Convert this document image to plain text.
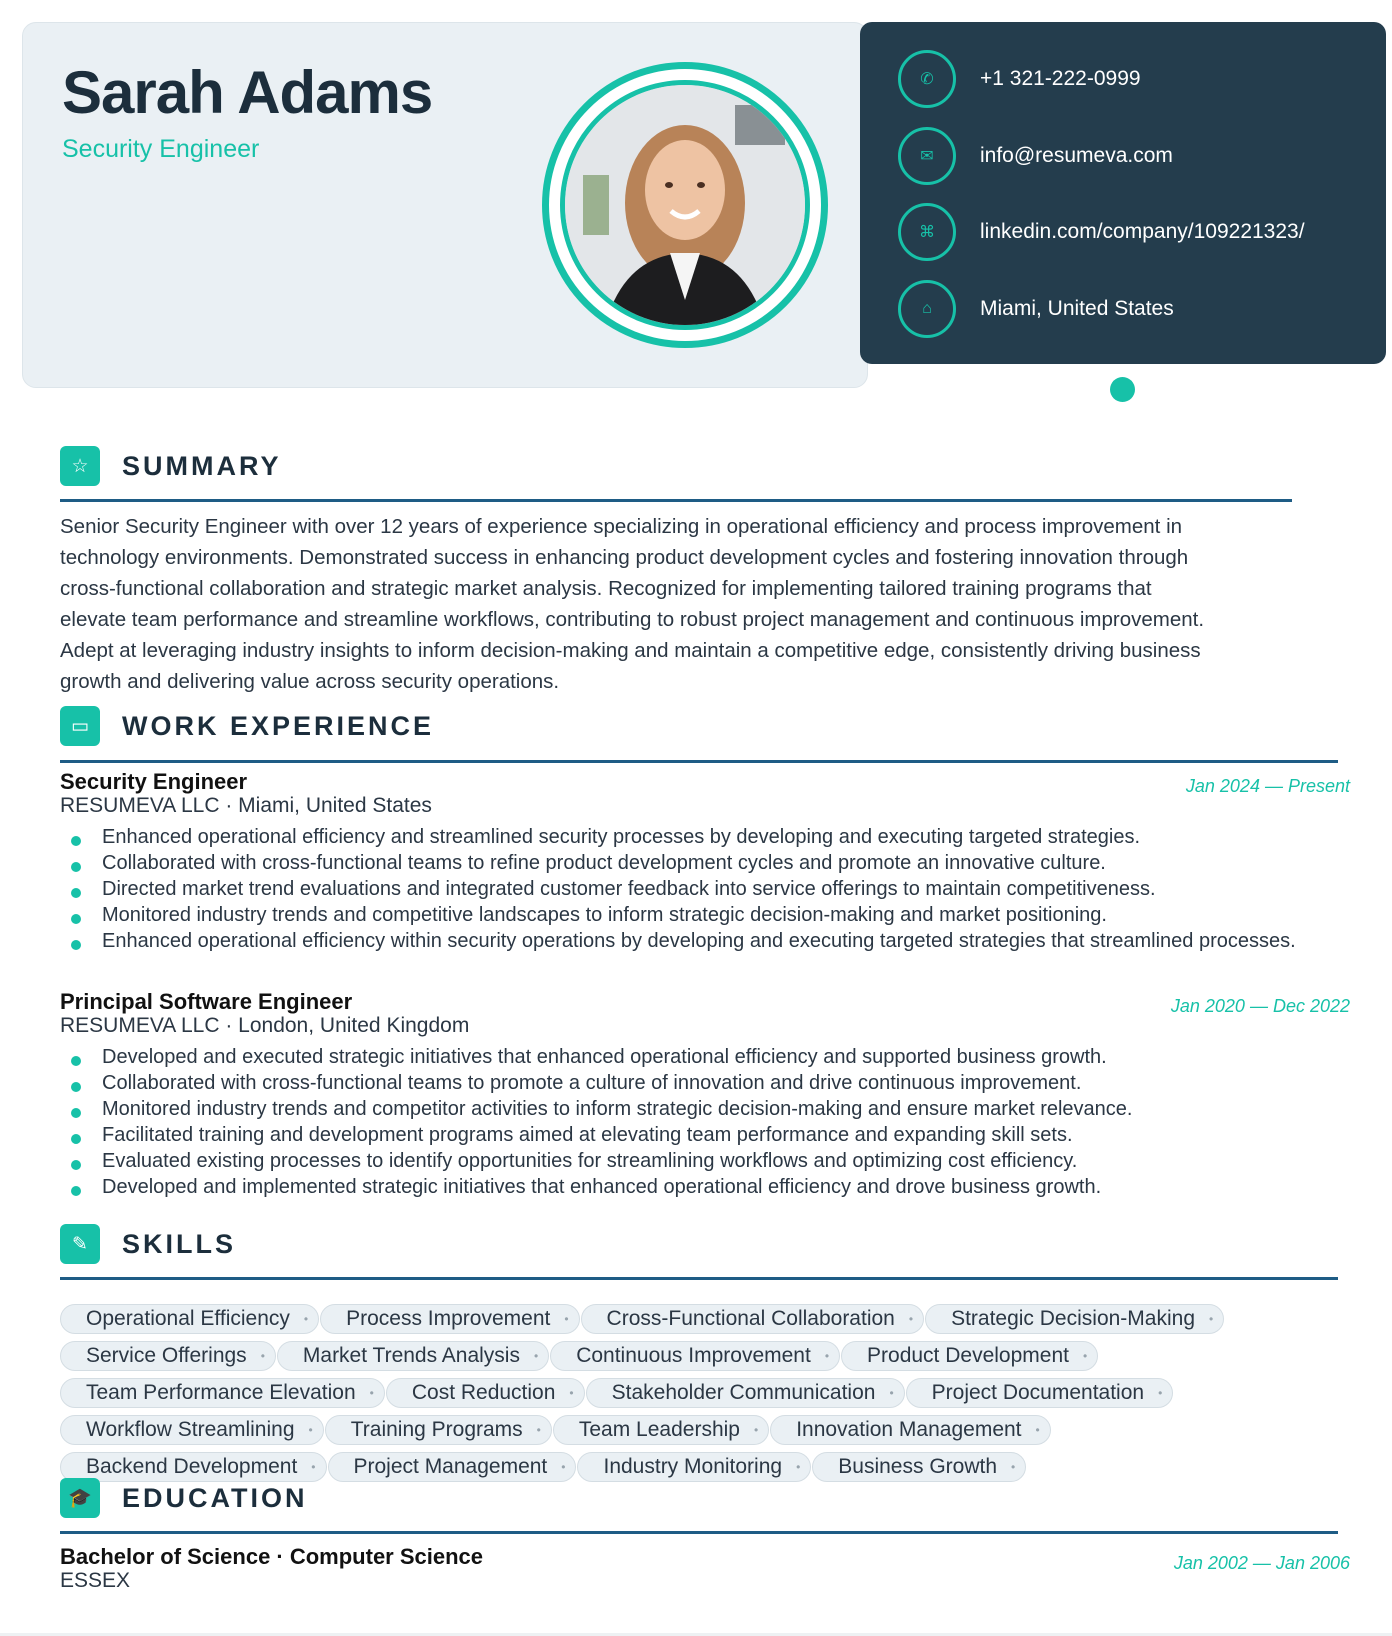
Sarah Adams
Security Engineer
✆	+1 321-222-0999
✉	info@resumeva.com
⌘	linkedin.com/company/109221323/
⌂	Miami, United States
☆	SUMMARY
Senior Security Engineer with over 12 years of experience specializing in operational efficiency and process improvement in
technology environments. Demonstrated success in enhancing product development cycles and fostering innovation through
cross-functional collaboration and strategic market analysis. Recognized for implementing tailored training programs that
elevate team performance and streamline workflows, contributing to robust project management and continuous improvement.
Adept at leveraging industry insights to inform decision-making and maintain a competitive edge, consistently driving business
growth and delivering value across security operations.
▭	WORK EXPERIENCE
Security Engineer
RESUMEVA LLC · Miami, United States
Jan 2024 — Present
Enhanced operational efficiency and streamlined security processes by developing and executing targeted strategies.
Collaborated with cross-functional teams to refine product development cycles and promote an innovative culture.
Directed market trend evaluations and integrated customer feedback into service offerings to maintain competitiveness.
Monitored industry trends and competitive landscapes to inform strategic decision-making and market positioning.
Enhanced operational efficiency within security operations by developing and executing targeted strategies that streamlined processes.
Principal Software Engineer
RESUMEVA LLC · London, United Kingdom
Jan 2020 — Dec 2022
Developed and executed strategic initiatives that enhanced operational efficiency and supported business growth.
Collaborated with cross-functional teams to promote a culture of innovation and drive continuous improvement.
Monitored industry trends and competitor activities to inform strategic decision-making and ensure market relevance.
Facilitated training and development programs aimed at elevating team performance and expanding skill sets.
Evaluated existing processes to identify opportunities for streamlining workflows and optimizing cost efficiency.
Developed and implemented strategic initiatives that enhanced operational efficiency and drove business growth.
✎	SKILLS
Operational Efficiency • Process Improvement • Cross-Functional Collaboration • Strategic Decision-Making •
Service Offerings • Market Trends Analysis • Continuous Improvement • Product Development •
Team Performance Elevation • Cost Reduction • Stakeholder Communication • Project Documentation •
Workflow Streamlining • Training Programs • Team Leadership • Innovation Management •
Backend Development • Project Management • Industry Monitoring • Business Growth •
🎓	EDUCATION
Bachelor of Science · Computer Science
ESSEX
Jan 2002 — Jan 2006
